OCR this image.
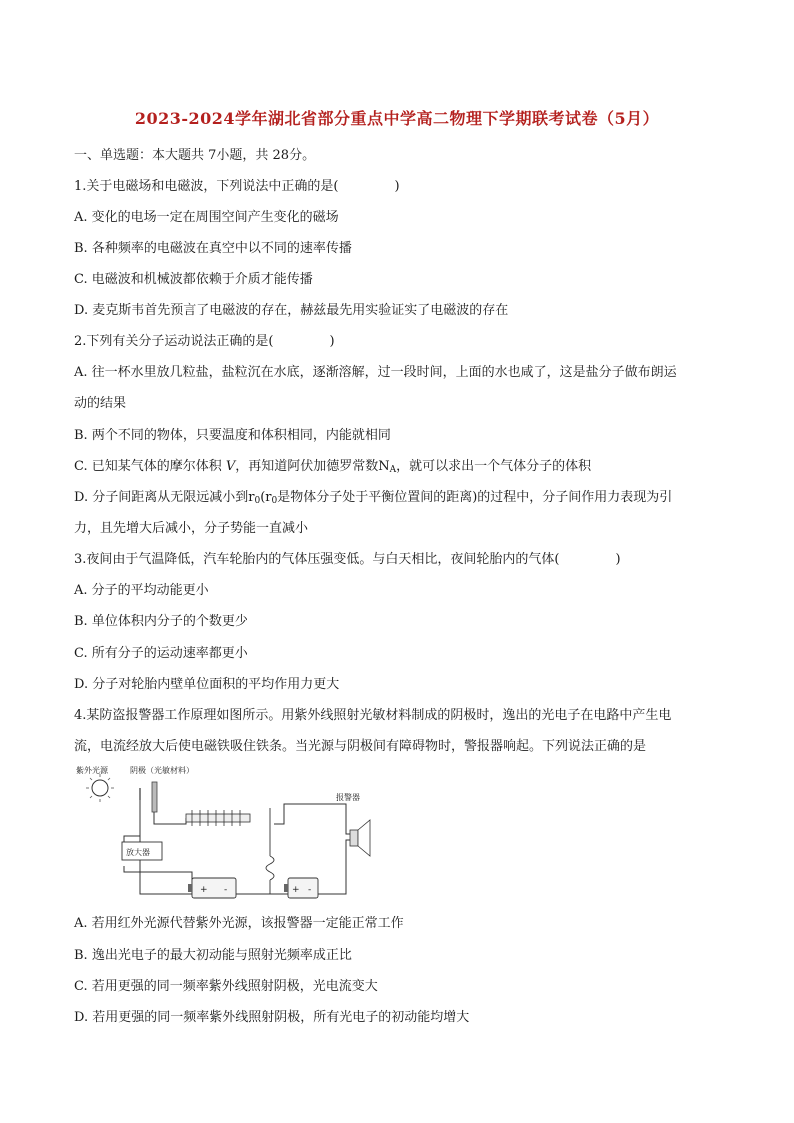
2023-2024学年湖北省部分重点中学高二物理下学期联考试卷（5月）
一、单选题：本大题共 7小题，共 28分。
1.关于电磁场和电磁波，下列说法中正确的是(	)
A. 变化的电场一定在周围空间产生变化的磁场
B. 各种频率的电磁波在真空中以不同的速率传播
C. 电磁波和机械波都依赖于介质才能传播
D. 麦克斯韦首先预言了电磁波的存在，赫兹最先用实验证实了电磁波的存在
2.下列有关分子运动说法正确的是(	)
A. 往一杯水里放几粒盐，盐粒沉在水底，逐渐溶解，过一段时间，上面的水也咸了，这是盐分子做布朗运
动的结果
B. 两个不同的物体，只要温度和体积相同，内能就相同
C. 已知某气体的摩尔体积 V，再知道阿伏加德罗常数$N_A$，就可以求出一个气体分子的体积
D. 分子间距离从无限远减小到$r_0(r_0$是物体分子处于平衡位置间的距离)的过程中，分子间作用力表现为引
力，且先增大后减小，分子势能一直减小
3.夜间由于气温降低，汽车轮胎内的气体压强变低。与白天相比，夜间轮胎内的气体(	)
A. 分子的平均动能更小
B. 单位体积内分子的个数更少
C. 所有分子的运动速率都更小
D. 分子对轮胎内壁单位面积的平均作用力更大
4.某防盗报警器工作原理如图所示。用紫外线照射光敏材料制成的阴极时，逸出的光电子在电路中产生电
流，电流经放大后使电磁铁吸住铁条。当光源与阴极间有障碍物时，警报器响起。下列说法正确的是
紫外光源	阴极（光敏材料）
报警器
放大器
+ -	+ -
A. 若用红外光源代替紫外光源，该报警器一定能正常工作
B. 逸出光电子的最大初动能与照射光频率成正比
C. 若用更强的同一频率紫外线照射阴极，光电流变大
D. 若用更强的同一频率紫外线照射阴极，所有光电子的初动能均增大
